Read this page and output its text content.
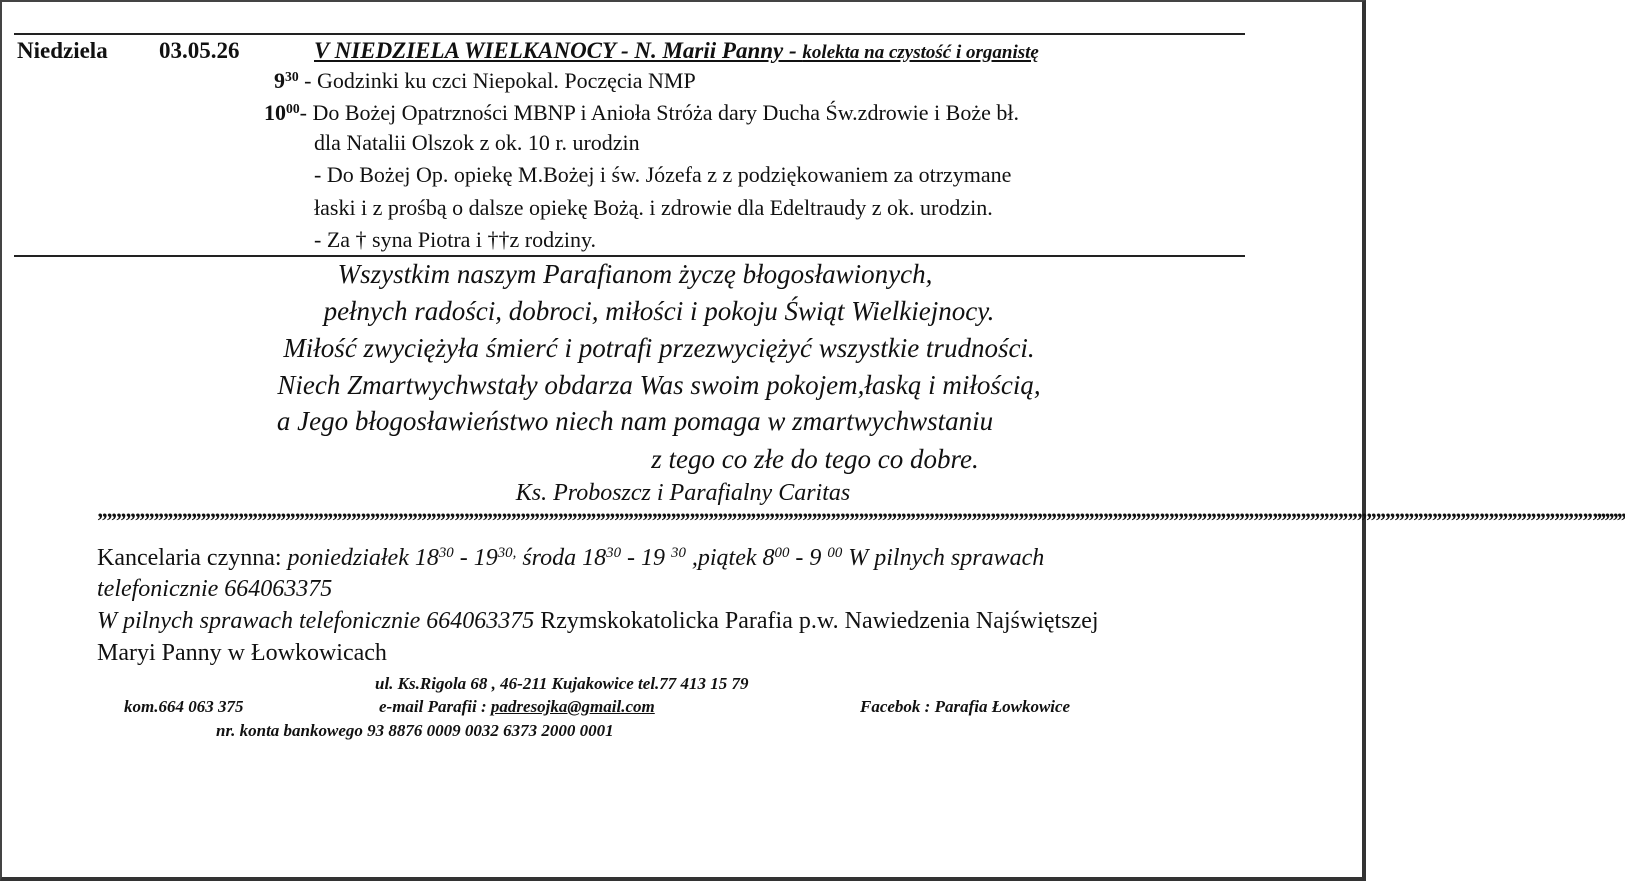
Niedziela 03.05.26	V NIEDZIELA WIELKANOCY - N. Marii Panny - kolekta na czystość i organistę
$9^{30}$ - Godzinki ku czci Niepokal. Poczęcia NMP
$10^{00}-$ Do Bożej Opatrzności MBNP i Anioła Stróża dary Ducha Św.zdrowie i Boże bł.
dla Natalii Olszok z ok. 10 r. urodzin
- Do Bożej Op. opiekę M.Bożej i św. Józefa z z podziękowaniem za otrzymane
łaski i z prośbą o dalsze opiekę Bożą. i zdrowie dla Edeltraudy z ok. urodzin.
- Za † syna Piotra i ††z rodziny.
Wszystkim naszym Parafianom życzę błogosławionych,
pełnych radości, dobroci, miłości i pokoju Świąt Wielkiejnocy.
Miłość zwyciężyła śmierć i potrafi przezwyciężyć wszystkie trudności.
Niech Zmartwychwstały obdarza Was swoim pokojem,łaską i miłością,
a Jego błogosławieństwo niech nam pomaga w zmartwychwstaniu
z tego co złe do tego co dobre.
Ks. Proboszcz i Parafialny Caritas
”””””””””””””””””””””””””””””””””””””””””””””””””””””””””””””””””””””””””””””””””””””””””””””””””””””””””””””””””””””””””””””””””””””””””””””””””””””””””””””””’’’’’’’’
Kancelaria czynna: poniedziałek $18^{30} - 19^{30,}$ środa $18^{30} - 19$ $^{30}$ ,piątek $8^{00} - 9$ $^{00}$ W pilnych sprawach
telefonicznie 664063375
W pilnych sprawach telefonicznie 664063375 Rzymskokatolicka Parafia p.w. Nawiedzenia Najświętszej
Maryi Panny w Łowkowicach
ul. Ks.Rigola 68 , 46-211 Kujakowice tel.77 413 15 79
kom.664 063 375	e-mail Parafii : padresojka@gmail.com	Facebok : Parafia Łowkowice
nr. konta bankowego 93 8876 0009 0032 6373 2000 0001
